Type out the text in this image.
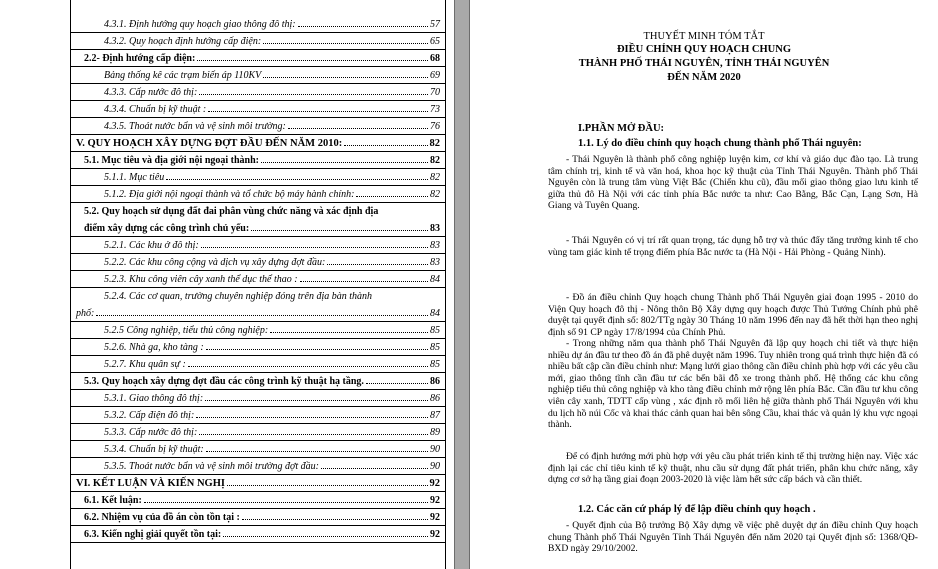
4.3.1. Định hướng quy hoạch giao thông đô thị:	57
4.3.2. Quy hoạch định hướng cấp điện:	65
2.2- Định hướng cấp điện:	68
Bảng thống kê các trạm biến áp 110KV	69
4.3.3. Cấp nước đô thị:	70
4.3.4. Chuẩn bị kỹ thuật :	73
4.3.5. Thoát nước bẩn và vệ sinh môi trường:	76
V. QUY HOẠCH XÂY DỰNG ĐỢT ĐẦU ĐẾN NĂM 2010:	82
5.1. Mục tiêu và địa giới nội ngoại thành:	82
5.1.1. Mục tiêu	82
5.1.2. Địa giới nội ngoại thành và tổ chức bộ máy hành chính:	82
5.2. Quy hoạch sử dụng đất đai phân vùng chức năng và xác định địa
điểm xây dựng các công trình chủ yếu:	83
5.2.1. Các khu ở đô thị:	83
5.2.2. Các khu công cộng và dịch vụ xây dựng đợt đầu:	83
5.2.3. Khu công viên cây xanh thể dục thể thao :	84
5.2.4. Các cơ quan, trường chuyên nghiệp đóng trên địa bàn thành
phố:	84
5.2.5 Công nghiệp, tiểu thủ công nghiệp:	85
5.2.6. Nhà ga, kho tàng :	85
5.2.7. Khu quân sự :	85
5.3. Quy hoạch xây dựng đợt đầu các công trình kỹ thuật hạ tầng.	86
5.3.1. Giao thông đô thị:	86
5.3.2. Cấp điện đô thị:	87
5.3.3. Cấp nước đô thị:	89
5.3.4. Chuẩn bị kỹ thuật:	90
5.3.5. Thoát nước bẩn và vệ sinh môi trường đợt đầu:	90
VI. KẾT LUẬN VÀ KIẾN NGHỊ	92
6.1. Kết luận:	92
6.2. Nhiệm vụ của đồ án còn tồn tại :	92
6.3. Kiến nghị giải quyết tồn tại:	92
THUYẾT MINH TÓM TẮT
ĐIỀU CHỈNH QUY HOẠCH CHUNG
THÀNH PHỐ THÁI NGUYÊN, TỈNH THÁI NGUYÊN
ĐẾN NĂM 2020
I.PHẦN MỞ ĐẦU:
1.1. Lý do điều chỉnh quy hoạch chung thành phố Thái nguyên:
- Thái Nguyên là thành phố công nghiệp luyện kim, cơ khí và giáo dục đào tạo. Là trung tâm chính trị, kinh tế và văn hoá, khoa học kỹ thuật của Tỉnh Thái Nguyên. Thành phố Thái Nguyên còn là trung tâm vùng Việt Bắc (Chiến khu cũ), đầu mối giao thông giao lưu kinh tế giữa thủ đô Hà Nội với các tỉnh phía Bắc nước ta như: Cao Bằng, Bắc Cạn, Lạng Sơn, Hà Giang và Tuyên Quang.
- Thái Nguyên có vị trí rất quan trọng, tác dụng hỗ trợ và thúc đẩy tăng trưởng kinh tế cho vùng tam giác kinh tế trọng điểm phía Bắc nước ta (Hà Nội - Hải Phòng - Quảng Ninh).
- Đồ án điều chỉnh Quy hoạch chung Thành phố Thái Nguyên giai đoạn 1995 - 2010 do Viện Quy hoạch đô thị - Nông thôn Bộ Xây dựng quy hoạch được Thủ Tướng Chính phủ phê duyệt tại quyết định số: 802/TTg ngày 30 Tháng 10 năm 1996 đến nay đã hết thời hạn theo nghị định số 91 CP ngày 17/8/1994 của Chính Phủ.
- Trong những năm qua thành phố Thái Nguyên đã lập quy hoạch chi tiết và thực hiện nhiều dự án đầu tư theo đồ án đã phê duyệt năm 1996. Tuy nhiên trong quá trình thực hiện đã có nhiều bất cập cần điều chỉnh như: Mạng lưới giao thông cần điều chỉnh phù hợp với các yêu cầu mới, giao thông tĩnh cần đầu tư các bến bãi đỗ xe trong thành phố. Hệ thống các khu công nghiệp tiểu thủ công nghiệp và kho tàng điều chỉnh mở rộng lên phía Bắc. Cần đầu tư khu công viên cây xanh, TDTT cấp vùng , xác định rõ mối liên hệ giữa thành phố Thái Nguyên với khu du lịch hồ núi Cốc và khai thác cảnh quan hai bên sông Cầu, khai thác và quản lý khu vực ngoại thành.
Để có định hướng mới phù hợp với yêu cầu phát triển kinh tế thị trường hiện nay. Việc xác định lại các chỉ tiêu kinh tế kỹ thuật, nhu cầu sử dụng đất phát triển, phân khu chức năng, xây dựng cơ sở hạ tầng giai đoạn 2003-2020 là việc làm hết sức cấp bách và cần thiết.
1.2. Các căn cứ pháp lý để lập điều chỉnh quy hoạch .
- Quyết định của Bộ trưởng Bộ Xây dựng về việc phê duyệt dự án điều chỉnh Quy hoạch chung Thành phố Thái Nguyên Tỉnh Thái Nguyên đến năm 2020 tại Quyết định số: 1368/QĐ-BXD ngày 29/10/2002.
